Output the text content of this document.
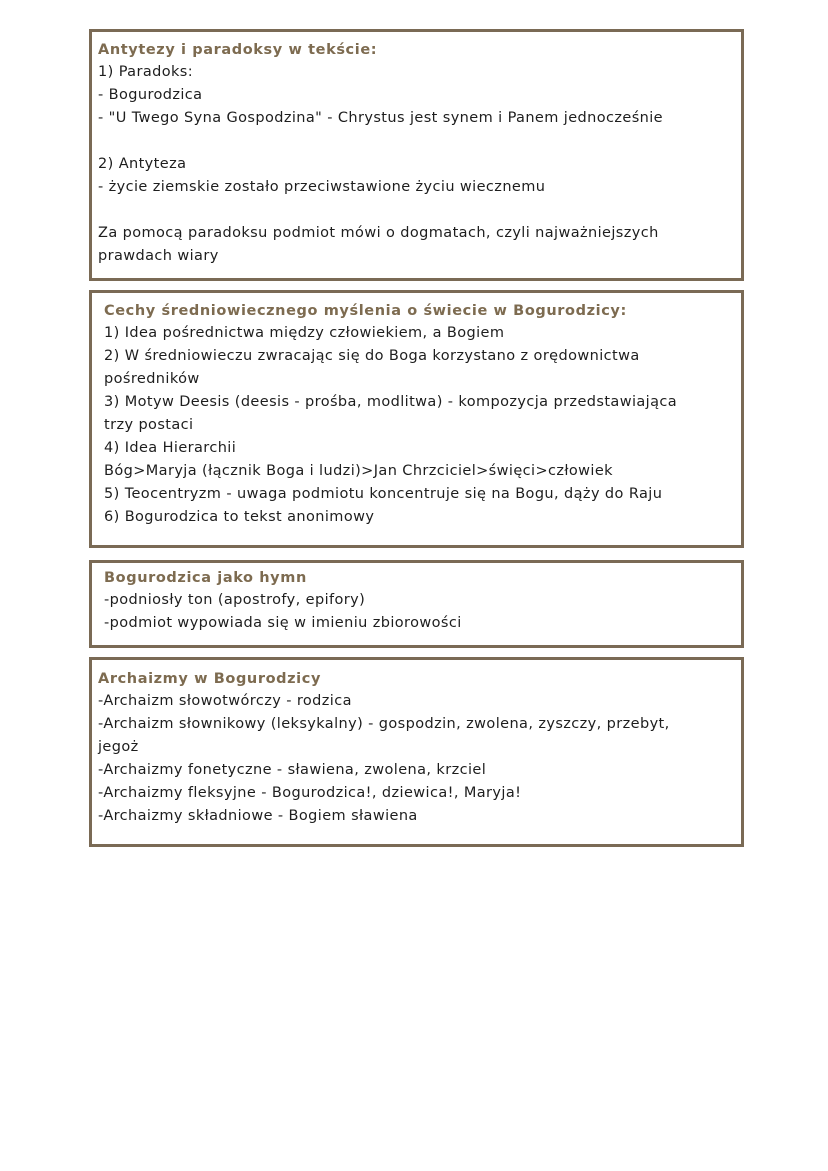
Antytezy i paradoksy w tekście:
1) Paradoks:
- Bogurodzica
- "U Twego Syna Gospodzina" - Chrystus jest synem i Panem jednocześnie
2) Antyteza
- życie ziemskie zostało przeciwstawione życiu wiecznemu
Za pomocą paradoksu podmiot mówi o dogmatach, czyli najważniejszych
prawdach wiary
Cechy średniowiecznego myślenia o świecie w Bogurodzicy:
1) Idea pośrednictwa między człowiekiem, a Bogiem
2) W średniowieczu zwracając się do Boga korzystano z orędownictwa
pośredników
3) Motyw Deesis (deesis - prośba, modlitwa) - kompozycja przedstawiająca
trzy postaci
4) Idea Hierarchii
Bóg>Maryja (łącznik Boga i ludzi)>Jan Chrzciciel>święci>człowiek
5) Teocentryzm - uwaga podmiotu koncentruje się na Bogu, dąży do Raju
6) Bogurodzica to tekst anonimowy
Bogurodzica jako hymn
-podniosły ton (apostrofy, epifory)
-podmiot wypowiada się w imieniu zbiorowości
Archaizmy w Bogurodzicy
-Archaizm słowotwórczy - rodzica
-Archaizm słownikowy (leksykalny) - gospodzin, zwolena, zyszczy, przebyt,
jegoż
-Archaizmy fonetyczne - sławiena, zwolena, krzciel
-Archaizmy fleksyjne - Bogurodzica!, dziewica!, Maryja!
-Archaizmy składniowe - Bogiem sławiena
